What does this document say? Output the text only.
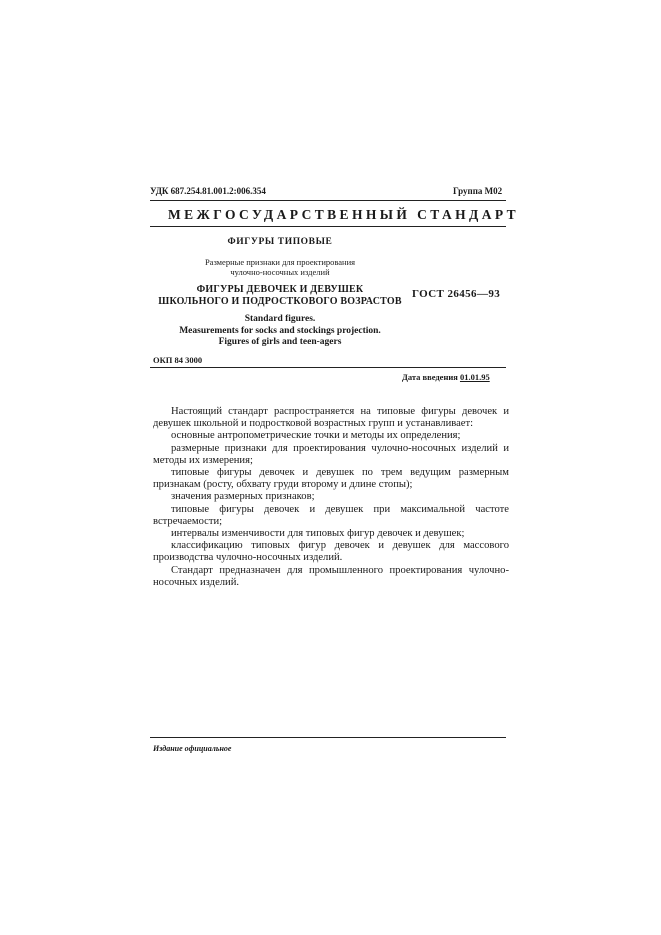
УДК 687.254.81.001.2:006.354	Группа М02
МЕЖГОСУДАРСТВЕННЫЙ СТАНДАРТ
ФИГУРЫ ТИПОВЫЕ
Размерные признаки для проектирования
чулочно-носочных изделий
ФИГУРЫ ДЕВОЧЕК И ДЕВУШЕК
ШКОЛЬНОГО И ПОДРОСТКОВОГО ВОЗРАСТОВ
Standard figures.
Measurements for socks and stockings projection.
Figures of girls and teen-agers
ГОСТ 26456—93
ОКП 84 3000
Дата введения 01.01.95

Настоящий стандарт распространяется на типовые фигуры девочек и девушек школьной и подростковой возрастных групп и устанавливает:

основные антропометрические точки и методы их определения;

размерные признаки для проектирования чулочно-носочных изделий и методы их измерения;

типовые фигуры девочек и девушек по трем ведущим размерным признакам (росту, обхвату груди второму и длине стопы);

значения размерных признаков;

типовые фигуры девочек и девушек при максимальной частоте встречаемости;

интервалы изменчивости для типовых фигур девочек и девушек;

классификацию типовых фигур девочек и девушек для массового производства чулочно-носочных изделий.

Стандарт предназначен для промышленного проектирования чулочно-носочных изделий.

Издание официальное
